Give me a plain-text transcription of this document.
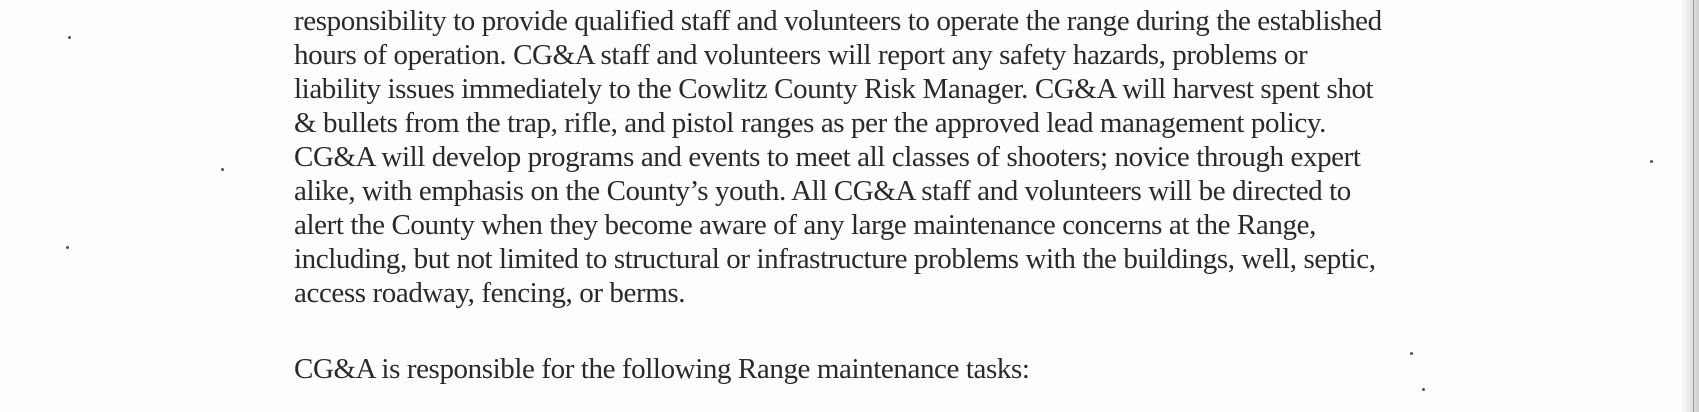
responsibility to provide qualified staff and volunteers to operate the range during the established
hours of operation. CG&A staff and volunteers will report any safety hazards, problems or
liability issues immediately to the Cowlitz County Risk Manager. CG&A will harvest spent shot
& bullets from the trap, rifle, and pistol ranges as per the approved lead management policy.
CG&A will develop programs and events to meet all classes of shooters; novice through expert
alike, with emphasis on the County’s youth. All CG&A staff and volunteers will be directed to
alert the County when they become aware of any large maintenance concerns at the Range,
including, but not limited to structural or infrastructure problems with the buildings, well, septic,
access roadway, fencing, or berms.
CG&A is responsible for the following Range maintenance tasks:
